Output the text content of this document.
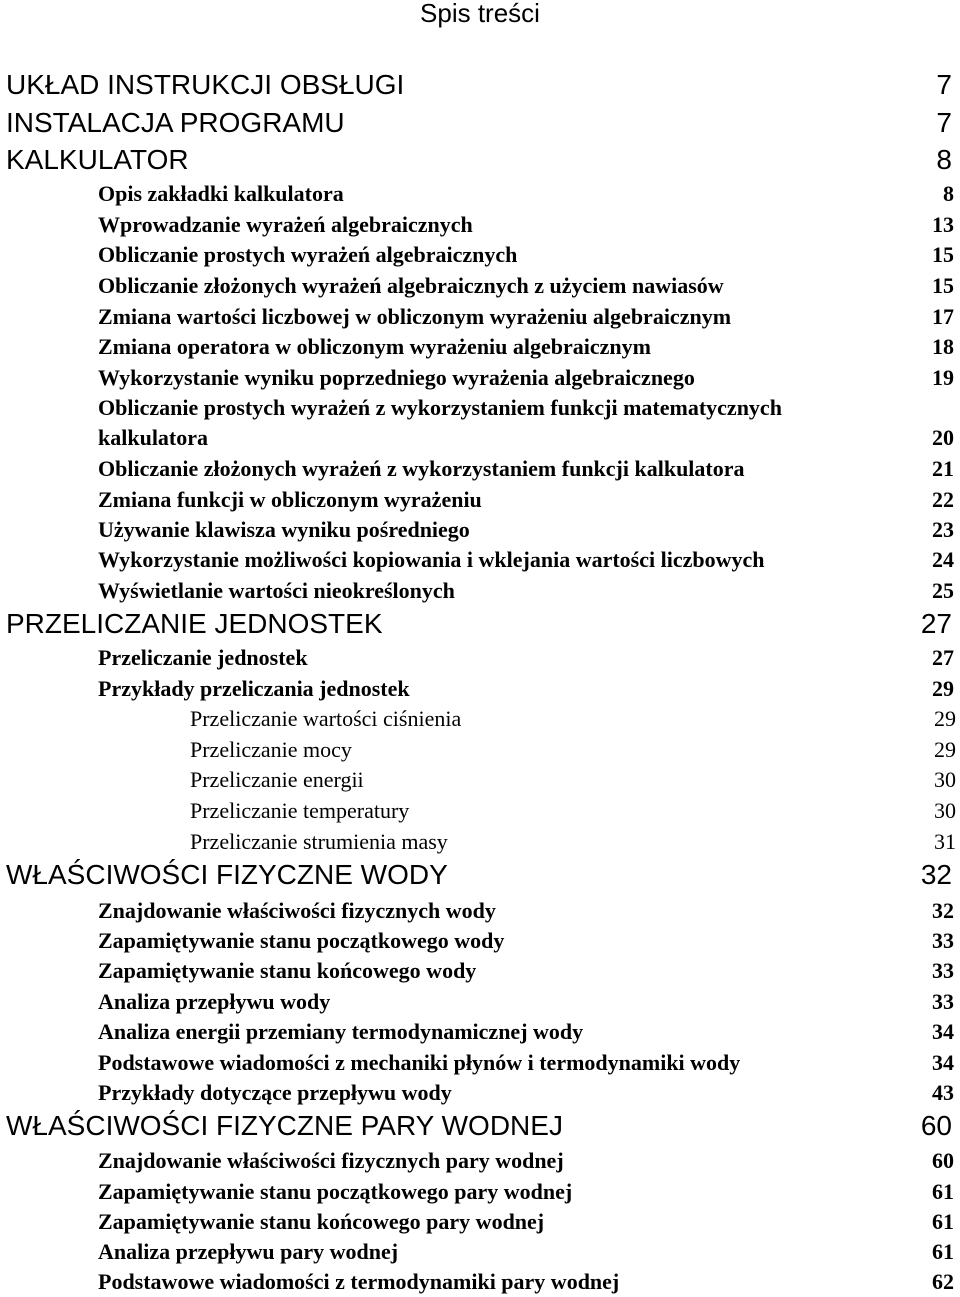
Spis treści
UKŁAD INSTRUKCJI OBSŁUGI	7
INSTALACJA PROGRAMU	7
KALKULATOR	8
Opis zakładki kalkulatora	8
Wprowadzanie wyrażeń algebraicznych	13
Obliczanie prostych wyrażeń algebraicznych	15
Obliczanie złożonych wyrażeń algebraicznych z użyciem nawiasów	15
Zmiana wartości liczbowej w obliczonym wyrażeniu algebraicznym	17
Zmiana operatora w obliczonym wyrażeniu algebraicznym	18
Wykorzystanie wyniku poprzedniego wyrażenia algebraicznego	19
Obliczanie prostych wyrażeń z wykorzystaniem funkcji matematycznych
kalkulatora	20
Obliczanie złożonych wyrażeń z wykorzystaniem funkcji kalkulatora	21
Zmiana funkcji w obliczonym wyrażeniu	22
Używanie klawisza wyniku pośredniego	23
Wykorzystanie możliwości kopiowania i wklejania wartości liczbowych	24
Wyświetlanie wartości nieokreślonych	25
PRZELICZANIE JEDNOSTEK	27
Przeliczanie jednostek	27
Przykłady przeliczania jednostek	29
Przeliczanie wartości ciśnienia	29
Przeliczanie mocy	29
Przeliczanie energii	30
Przeliczanie temperatury	30
Przeliczanie strumienia masy	31
WŁAŚCIWOŚCI FIZYCZNE WODY	32
Znajdowanie właściwości fizycznych wody	32
Zapamiętywanie stanu początkowego wody	33
Zapamiętywanie stanu końcowego wody	33
Analiza przepływu wody	33
Analiza energii przemiany termodynamicznej wody	34
Podstawowe wiadomości z mechaniki płynów i termodynamiki wody	34
Przykłady dotyczące przepływu wody	43
WŁAŚCIWOŚCI FIZYCZNE PARY WODNEJ	60
Znajdowanie właściwości fizycznych pary wodnej	60
Zapamiętywanie stanu początkowego pary wodnej	61
Zapamiętywanie stanu końcowego pary wodnej	61
Analiza przepływu pary wodnej	61
Podstawowe wiadomości z termodynamiki pary wodnej	62
